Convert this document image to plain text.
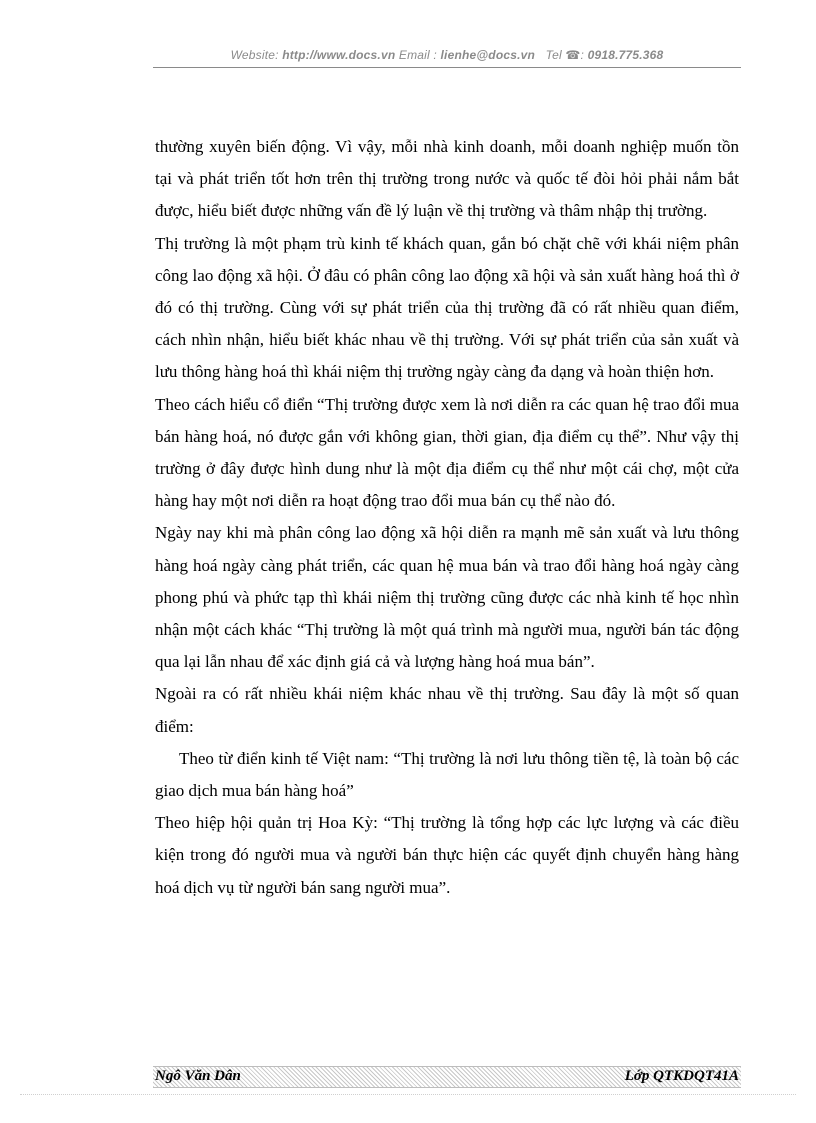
Website: http://www.docs.vn Email : lienhe@docs.vn Tel ☎: 0918.775.368

thường xuyên biến động. Vì vậy, mỗi nhà kinh doanh, mỗi doanh nghiệp muốn tồn tại và phát triển tốt hơn trên thị trường trong nước và quốc tế đòi hỏi phải nắm bắt được, hiểu biết được những vấn đề lý luận về thị trường và thâm nhập thị trường.

Thị trường là một phạm trù kinh tế khách quan, gắn bó chặt chẽ với khái niệm phân công lao động xã hội. Ở đâu có phân công lao động xã hội và sản xuất hàng hoá thì ở đó có thị trường. Cùng với sự phát triển của thị trường đã có rất nhiều quan điểm, cách nhìn nhận, hiểu biết khác nhau về thị trường. Với sự phát triển của sản xuất và lưu thông hàng hoá thì khái niệm thị trường ngày càng đa dạng và hoàn thiện hơn.

Theo cách hiểu cổ điển “Thị trường được xem là nơi diễn ra các quan hệ trao đổi mua bán hàng hoá, nó được gắn với không gian, thời gian, địa điểm cụ thể”. Như vậy thị trường ở đây được hình dung như là một địa điểm cụ thể như một cái chợ, một cửa hàng hay một nơi diễn ra hoạt động trao đổi mua bán cụ thể nào đó.

Ngày nay khi mà phân công lao động xã hội diễn ra mạnh mẽ sản xuất và lưu thông hàng hoá ngày càng phát triển, các quan hệ mua bán và trao đổi hàng hoá ngày càng phong phú và phức tạp thì khái niệm thị trường cũng được các nhà kinh tế học nhìn nhận một cách khác “Thị trường là một quá trình mà người mua, người bán tác động qua lại lẫn nhau để xác định giá cả và lượng hàng hoá mua bán”.

Ngoài ra có rất nhiều khái niệm khác nhau về thị trường. Sau đây là một số quan điểm:

Theo từ điển kinh tế Việt nam: “Thị trường là nơi lưu thông tiền tệ, là toàn bộ các giao dịch mua bán hàng hoá”

Theo hiệp hội quản trị Hoa Kỳ: “Thị trường là tổng hợp các lực lượng và các điều kiện trong đó người mua và người bán thực hiện các quyết định chuyển hàng hàng hoá dịch vụ từ người bán sang người mua”.

Ngô Văn Dân	Lớp QTKDQT41A
